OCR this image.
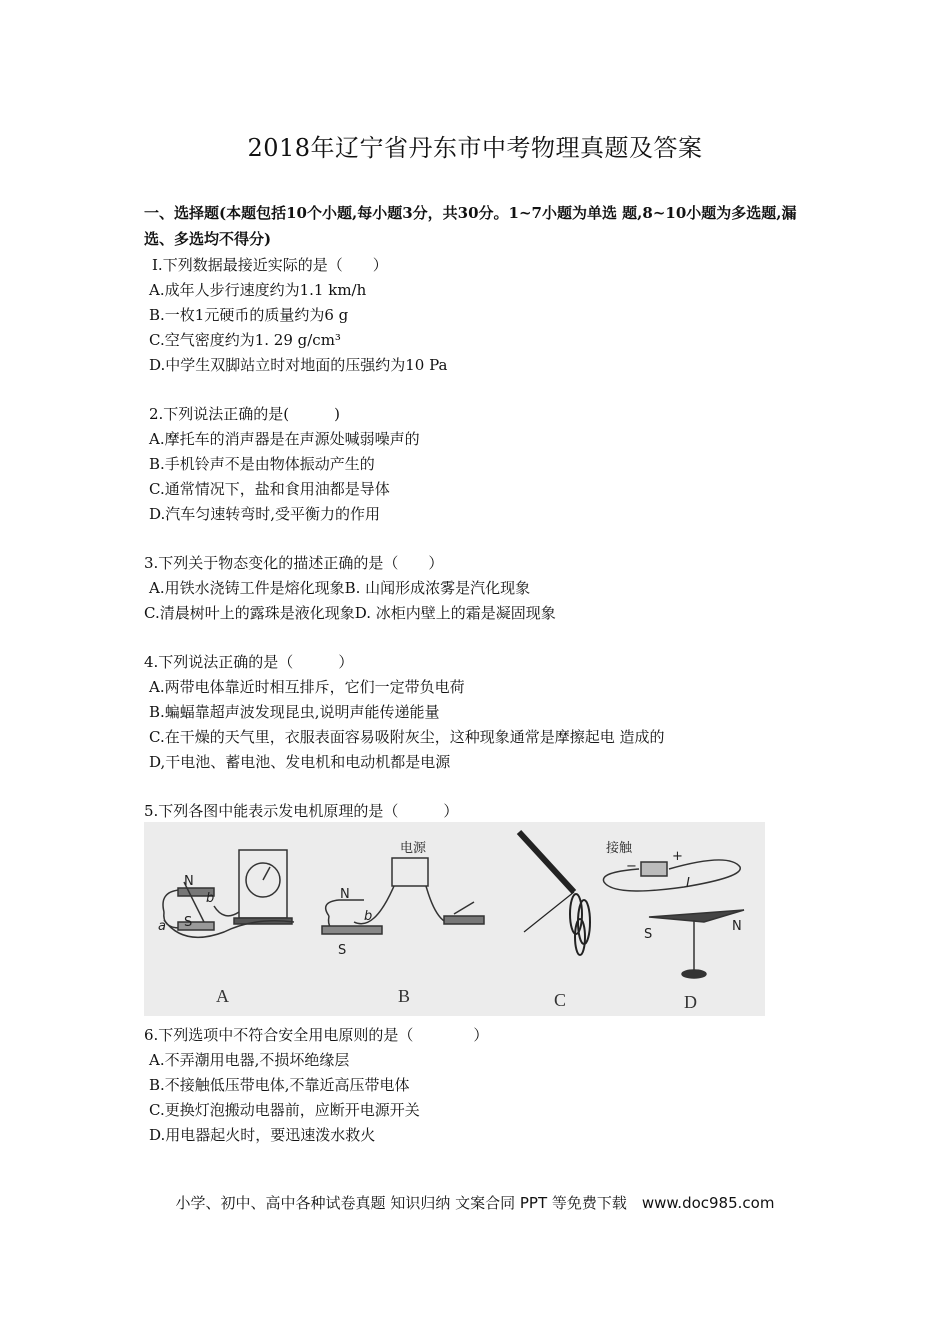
2018年辽宁省丹东市中考物理真题及答案
一、选择题(本题包括10个小题,每小题3分，共30分。1~7小题为单选 题,8~10小题为多选题,漏选、多选均不得分)
I.下列数据最接近实际的是（　　）
A.成年人步行速度约为1.1 km/h
B.一枚1元硬币的质量约为6 g
C.空气密度约为1. 29 g/cm³
D.中学生双脚站立时对地面的压强约为10 Pa
2.下列说法正确的是(　　　)
A.摩托车的消声器是在声源处喊弱噪声的
B.手机铃声不是由物体振动产生的
C.通常情况下，盐和食用油都是导体
D.汽车匀速转弯时,受平衡力的作用
3.下列关于物态变化的描述正确的是（　　）
A.用铁水浇铸工件是熔化现象B. 山闻形成浓雾是汽化现象
C.清晨树叶上的露珠是液化现象D. 冰柜内壁上的霜是凝固现象
4.下列说法正确的是（　　　）
A.两带电体靠近时相互排斥，它们一定带负电荷
B.蝙蝠靠超声波发现昆虫,说明声能传递能量
C.在干燥的天气里，衣服表面容易吸附灰尘，这种现象通常是摩擦起电 造成的
D,干电池、蓄电池、发电机和电动机都是电源
5.下列各图中能表示发电机原理的是（　　　）
N
b
a S
电源
N
b
S
接触
−
+
I
S
N
A	B	C	D
6.下列选项中不符合安全用电原则的是（　　　　）
A.不弄潮用电器,不损坏绝缘层
B.不接触低压带电体,不靠近高压带电体
C.更换灯泡搬动电器前，应断开电源开关
D.用电器起火时，要迅速泼水救火
小学、初中、高中各种试卷真题 知识归纳 文案合同 PPT 等免费下载　www.doc985.com
